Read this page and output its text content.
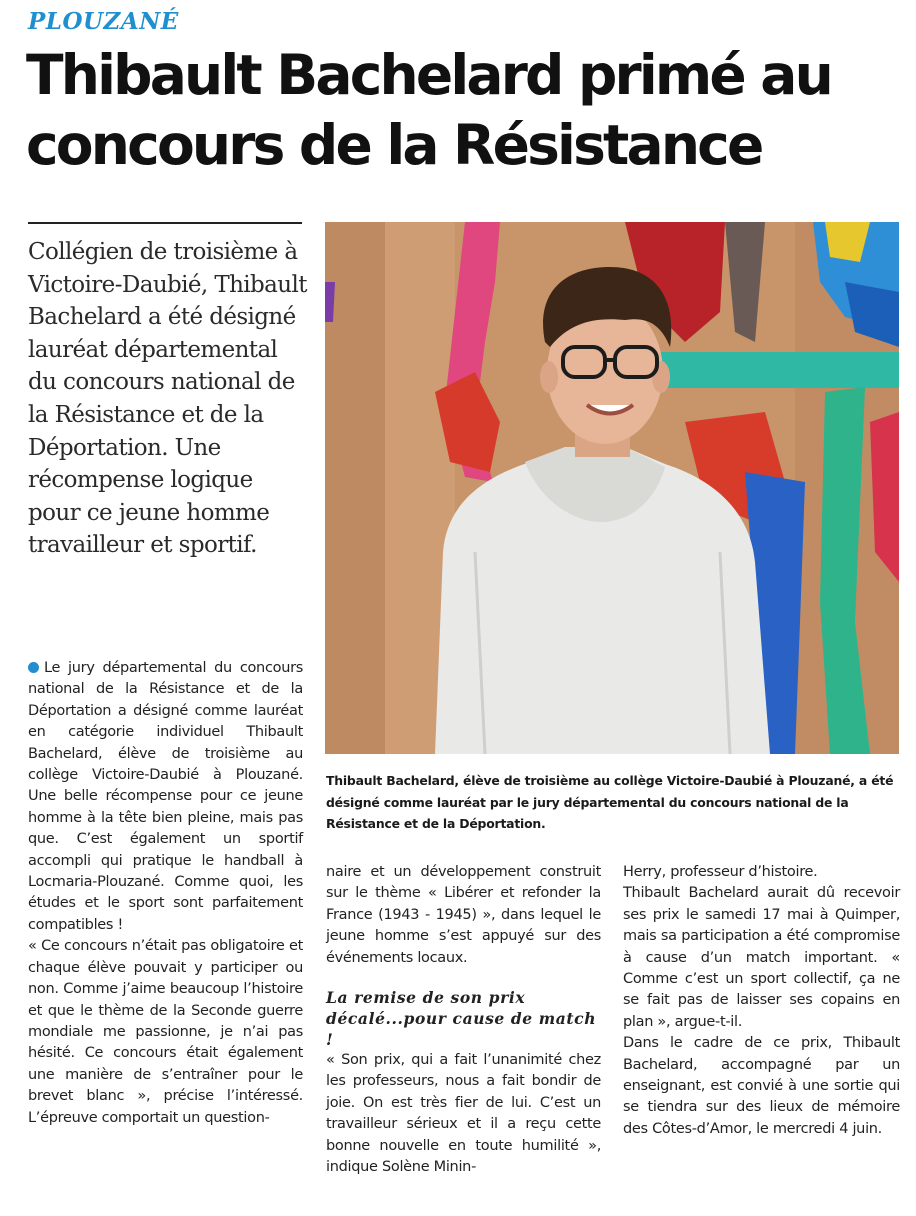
PLOUZANÉ
Thibault Bachelard primé au concours de la Résistance

Collégien de troisième à Victoire-Daubié, Thibault Bachelard a été désigné lauréat départemental du concours national de la Résistance et de la Déportation. Une récompense logique pour ce jeune homme travailleur et sportif.

Thibault Bachelard, élève de troisième au collège Victoire-Daubié à Plouzané, a été désigné comme lauréat par le jury départemental du concours national de la Résistance et de la Déportation.

Le jury départemental du concours national de la Résistance et de la Déportation a désigné comme lauréat en catégorie individuel Thibault Bachelard, élève de troisième au collège Victoire-Daubié à Plouzané. Une belle récompense pour ce jeune homme à la tête bien pleine, mais pas que. C’est également un sportif accompli qui pratique le handball à Locmaria-Plouzané. Comme quoi, les études et le sport sont parfaitement compatibles !

« Ce concours n’était pas obligatoire et chaque élève pouvait y participer ou non. Comme j’aime beaucoup l’histoire et que le thème de la Seconde guerre mondiale me passionne, je n’ai pas hésité. Ce concours était également une manière de s’entraîner pour le brevet blanc », précise l’intéressé. L’épreuve comportait un question-

naire et un développement construit sur le thème « Libérer et refonder la France (1943 - 1945) », dans lequel le jeune homme s’est appuyé sur des événements locaux.

La remise de son prix décalé...pour cause de match !

« Son prix, qui a fait l’unanimité chez les professeurs, nous a fait bondir de joie. On est très fier de lui. C’est un travailleur sérieux et il a reçu cette bonne nouvelle en toute humilité », indique Solène Minin-

Herry, professeur d’histoire.

Thibault Bachelard aurait dû recevoir ses prix le samedi 17 mai à Quimper, mais sa participation a été compromise à cause d’un match important. « Comme c’est un sport collectif, ça ne se fait pas de laisser ses copains en plan », argue-t-il.

Dans le cadre de ce prix, Thibault Bachelard, accompagné par un enseignant, est convié à une sortie qui se tiendra sur des lieux de mémoire des Côtes-d’Amor, le mercredi 4 juin.
